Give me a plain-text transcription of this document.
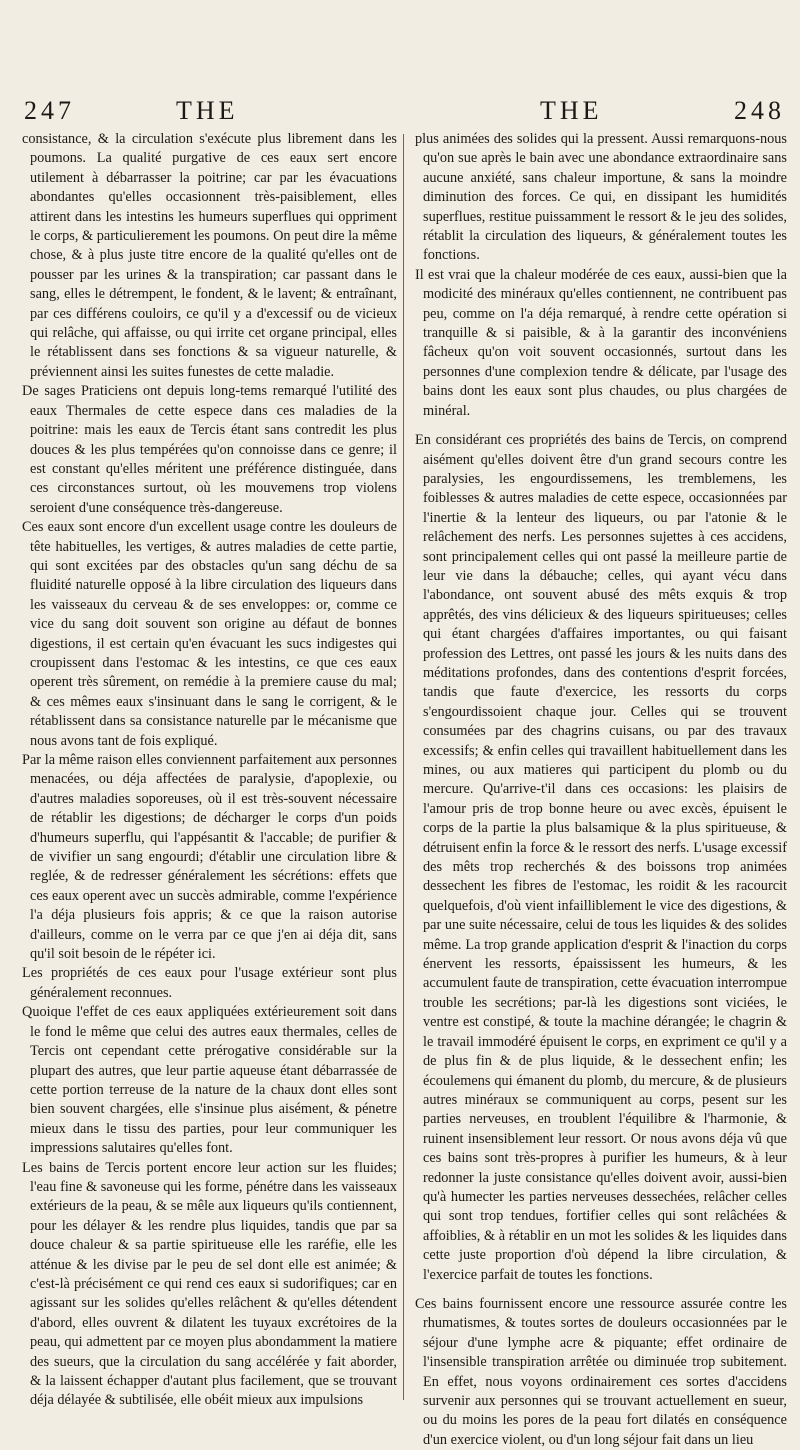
247	THE	THE	248

consistance, & la circulation s'exécute plus librement dans les poumons. La qualité purgative de ces eaux sert encore utilement à débarrasser la poitrine; car par les évacuations abondantes qu'elles occasionnent très-paisiblement, elles attirent dans les intestins les humeurs superflues qui oppriment le corps, & particulierement les poumons. On peut dire la même chose, & à plus juste titre encore de la qualité qu'elles ont de pousser par les urines & la transpiration; car passant dans le sang, elles le détrempent, le fondent, & le lavent; & entraînant, par ces différens couloirs, ce qu'il y a d'excessif ou de vicieux qui relâche, qui affaisse, ou qui irrite cet organe principal, elles le rétablissent dans ses fonctions & sa vigueur naturelle, & préviennent ainsi les suites funestes de cette maladie.

De sages Praticiens ont depuis long-tems remarqué l'utilité des eaux Thermales de cette espece dans ces maladies de la poitrine: mais les eaux de Tercis étant sans contredit les plus douces & les plus tempérées qu'on connoisse dans ce genre; il est constant qu'elles méritent une préférence distinguée, dans ces circonstances surtout, où les mouvemens trop violens seroient d'une conséquence très-dangereuse.

Ces eaux sont encore d'un excellent usage contre les douleurs de tête habituelles, les vertiges, & autres maladies de cette partie, qui sont excitées par des obstacles qu'un sang déchu de sa fluidité naturelle opposé à la libre circulation des liqueurs dans les vaisseaux du cerveau & de ses enveloppes: or, comme ce vice du sang doit souvent son origine au défaut de bonnes digestions, il est certain qu'en évacuant les sucs indigestes qui croupissent dans l'estomac & les intestins, ce que ces eaux operent très sûrement, on remédie à la premiere cause du mal; & ces mêmes eaux s'insinuant dans le sang le corrigent, & le rétablissent dans sa consistance naturelle par le mécanisme que nous avons tant de fois expliqué.

Par la même raison elles conviennent parfaitement aux personnes menacées, ou déja affectées de paralysie, d'apoplexie, ou d'autres maladies soporeuses, où il est très-souvent nécessaire de rétablir les digestions; de décharger le corps d'un poids d'humeurs superflu, qui l'appésantit & l'accable; de purifier & de vivifier un sang engourdi; d'établir une circulation libre & reglée, & de redresser généralement les sécrétions: effets que ces eaux operent avec un succès admirable, comme l'expérience l'a déja plusieurs fois appris; & ce que la raison autorise d'ailleurs, comme on le verra par ce que j'en ai déja dit, sans qu'il soit besoin de le répéter ici.

Les propriétés de ces eaux pour l'usage extérieur sont plus généralement reconnues.

Quoique l'effet de ces eaux appliquées extérieurement soit dans le fond le même que celui des autres eaux thermales, celles de Tercis ont cependant cette prérogative considérable sur la plupart des autres, que leur partie aqueuse étant débarrassée de cette portion terreuse de la nature de la chaux dont elles sont bien souvent chargées, elle s'insinue plus aisément, & pénetre mieux dans le tissu des parties, pour leur communiquer les impressions salutaires qu'elles font.

Les bains de Tercis portent encore leur action sur les fluides; l'eau fine & savoneuse qui les forme, pénétre dans les vaisseaux extérieurs de la peau, & se mêle aux liqueurs qu'ils contiennent, pour les délayer & les rendre plus liquides, tandis que par sa douce chaleur & sa partie spiritueuse elle les raréfie, elle les atténue & les divise par le peu de sel dont elle est animée; & c'est-là précisément ce qui rend ces eaux si sudorifiques; car en agissant sur les solides qu'elles relâchent & qu'elles détendent d'abord, elles ouvrent & dilatent les tuyaux excrétoires de la peau, qui admettent par ce moyen plus abondamment la matiere des sueurs, que la circulation du sang accélérée y fait aborder, & la laissent échapper d'autant plus facilement, que se trouvant déja délayée & subtilisée, elle obéit mieux aux impulsions

plus animées des solides qui la pressent. Aussi remarquons-nous qu'on sue après le bain avec une abondance extraordinaire sans aucune anxiété, sans chaleur importune, & sans la moindre diminution des forces. Ce qui, en dissipant les humidités superflues, restitue puissamment le ressort & le jeu des solides, rétablit la circulation des liqueurs, & généralement toutes les fonctions.

Il est vrai que la chaleur modérée de ces eaux, aussi-bien que la modicité des minéraux qu'elles contiennent, ne contribuent pas peu, comme on l'a déja remarqué, à rendre cette opération si tranquille & si paisible, & à la garantir des inconvéniens fâcheux qu'on voit souvent occasionnés, surtout dans les personnes d'une complexion tendre & délicate, par l'usage des bains dont les eaux sont plus chaudes, ou plus chargées de minéral.

En considérant ces propriétés des bains de Tercis, on comprend aisément qu'elles doivent être d'un grand secours contre les paralysies, les engourdissemens, les tremblemens, les foiblesses & autres maladies de cette espece, occasionnées par l'inertie & la lenteur des liqueurs, ou par l'atonie & le relâchement des nerfs. Les personnes sujettes à ces accidens, sont principalement celles qui ont passé la meilleure partie de leur vie dans la débauche; celles, qui ayant vécu dans l'abondance, ont souvent abusé des mêts exquis & trop apprêtés, des vins délicieux & des liqueurs spiritueuses; celles qui étant chargées d'affaires importantes, ou qui faisant profession des Lettres, ont passé les jours & les nuits dans des méditations profondes, dans des contentions d'esprit forcées, tandis que faute d'exercice, les ressorts du corps s'engourdissoient chaque jour. Celles qui se trouvent consumées par des chagrins cuisans, ou par des travaux excessifs; & enfin celles qui travaillent habituellement dans les mines, ou aux matieres qui participent du plomb ou du mercure. Qu'arrive-t'il dans ces occasions: les plaisirs de l'amour pris de trop bonne heure ou avec excès, épuisent le corps de la partie la plus balsamique & la plus spiritueuse, & détruisent enfin la force & le ressort des nerfs. L'usage excessif des mêts trop recherchés & des boissons trop animées dessechent les fibres de l'estomac, les roidit & les racourcit quelquefois, d'où vient infailliblement le vice des digestions, & par une suite nécessaire, celui de tous les liquides & des solides même. La trop grande application d'esprit & l'inaction du corps énervent les ressorts, épaississent les humeurs, & les accumulent faute de transpiration, cette évacuation interrompue trouble les secrétions; par-là les digestions sont viciées, le ventre est constipé, & toute la machine dérangée; le chagrin & le travail immodéré épuisent le corps, en expriment ce qu'il y a de plus fin & de plus liquide, & le dessechent enfin; les écoulemens qui émanent du plomb, du mercure, & de plusieurs autres minéraux se communiquent au corps, pesent sur les parties nerveuses, en troublent l'équilibre & l'harmonie, & ruinent insensiblement leur ressort. Or nous avons déja vû que ces bains sont très-propres à purifier les humeurs, & à leur redonner la juste consistance qu'elles doivent avoir, aussi-bien qu'à humecter les parties nerveuses dessechées, relâcher celles qui sont trop tendues, fortifier celles qui sont relâchées & affoiblies, & à rétablir en un mot les solides & les liquides dans cette juste proportion d'où dépend la libre circulation, & l'exercice parfait de toutes les fonctions.

Ces bains fournissent encore une ressource assurée contre les rhumatismes, & toutes sortes de douleurs occasionnées par le séjour d'une lymphe acre & piquante; effet ordinaire de l'insensible transpiration arrêtée ou diminuée trop subitement. En effet, nous voyons ordinairement ces sortes d'accidens survenir aux personnes qui se trouvant actuellement en sueur, ou du moins les pores de la peau fort dilatés en conséquence d'un exercice violent, ou d'un long séjour fait dans un lieu
